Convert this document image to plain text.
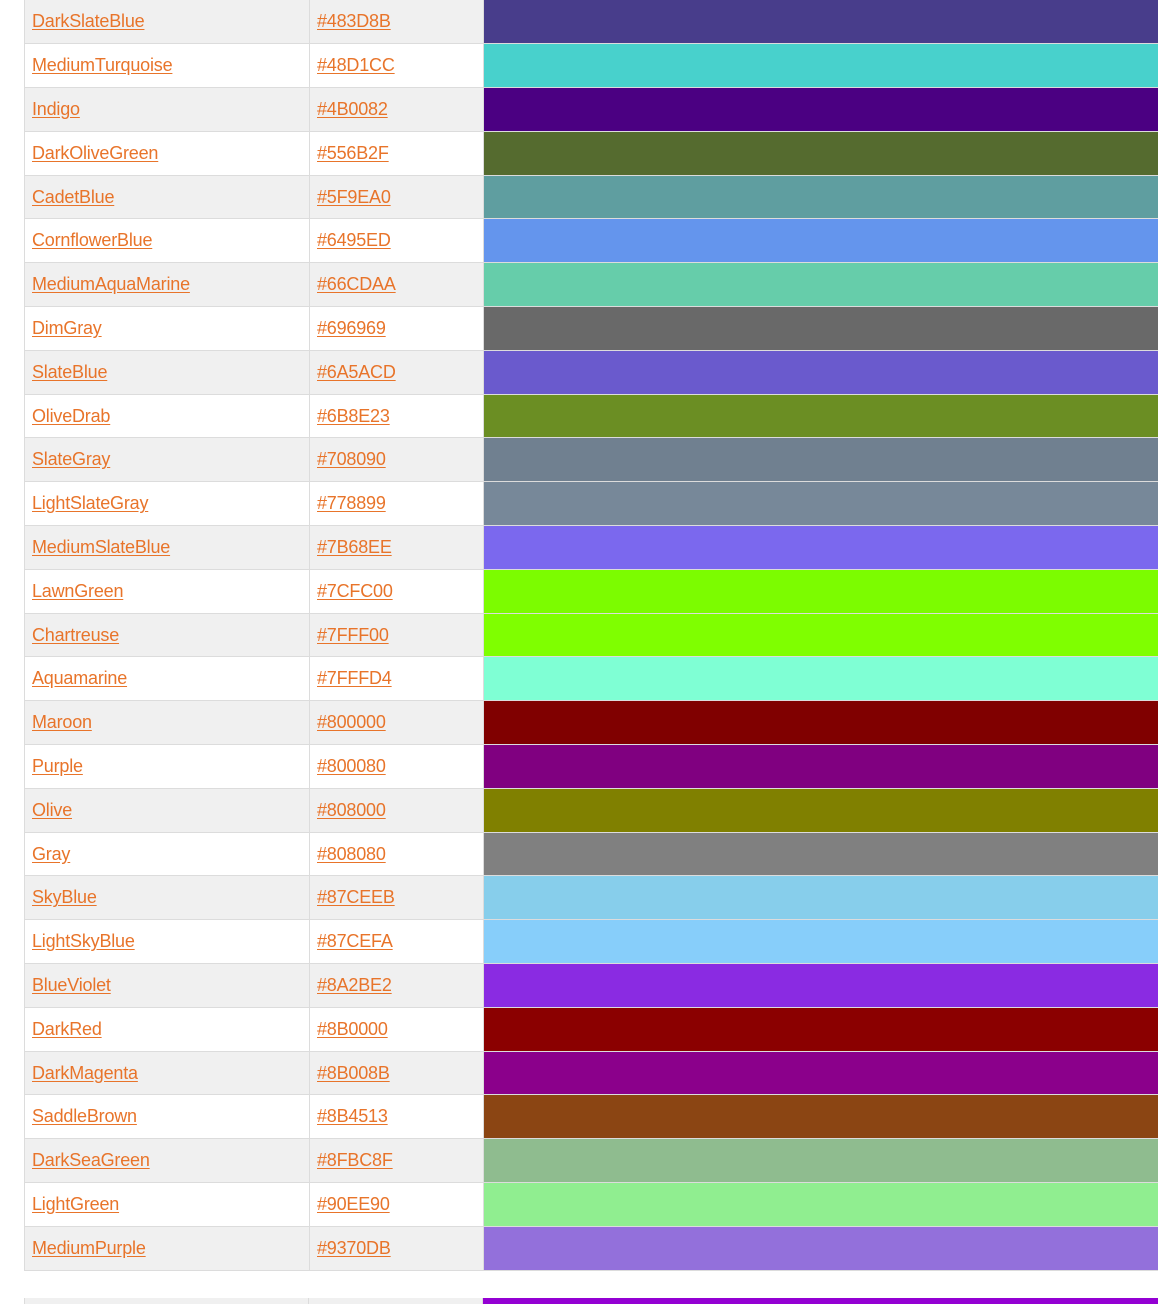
DarkSlateBlue	#483D8B	
MediumTurquoise	#48D1CC	
Indigo	#4B0082	
DarkOliveGreen	#556B2F	
CadetBlue	#5F9EA0	
CornflowerBlue	#6495ED	
MediumAquaMarine	#66CDAA	
DimGray	#696969	
SlateBlue	#6A5ACD	
OliveDrab	#6B8E23	
SlateGray	#708090	
LightSlateGray	#778899	
MediumSlateBlue	#7B68EE	
LawnGreen	#7CFC00	
Chartreuse	#7FFF00	
Aquamarine	#7FFFD4	
Maroon	#800000	
Purple	#800080	
Olive	#808000	
Gray	#808080	
SkyBlue	#87CEEB	
LightSkyBlue	#87CEFA	
BlueViolet	#8A2BE2	
DarkRed	#8B0000	
DarkMagenta	#8B008B	
SaddleBrown	#8B4513	
DarkSeaGreen	#8FBC8F	
LightGreen	#90EE90	
MediumPurple	#9370DB	
